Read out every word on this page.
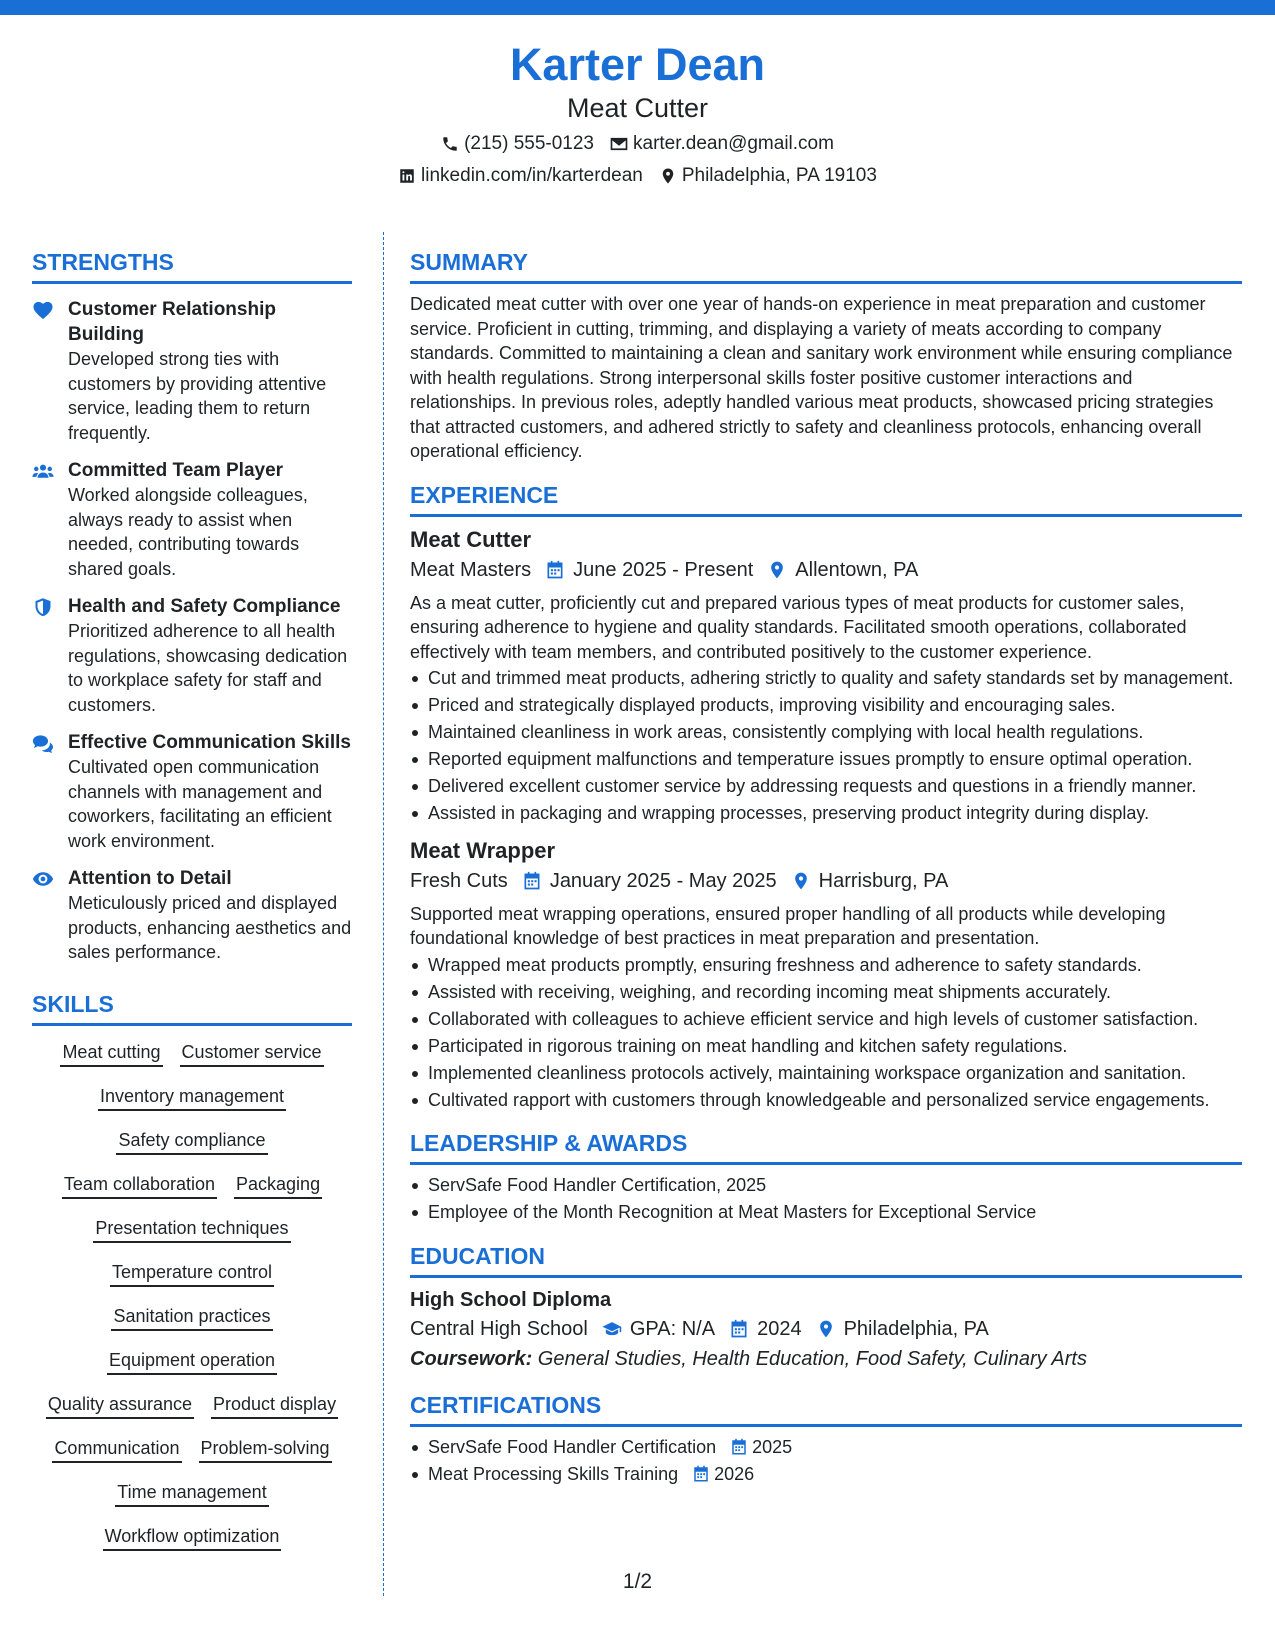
Karter Dean
Meat Cutter
(215) 555-0123 karter.dean@gmail.com
linkedin.com/in/karterdean Philadelphia, PA 19103
STRENGTHS
Customer Relationship Building
Developed strong ties with customers by providing attentive service, leading them to return frequently.
Committed Team Player
Worked alongside colleagues, always ready to assist when needed, contributing towards shared goals.
Health and Safety Compliance
Prioritized adherence to all health regulations, showcasing dedication to workplace safety for staff and customers.
Effective Communication Skills
Cultivated open communication channels with management and coworkers, facilitating an efficient work environment.
Attention to Detail
Meticulously priced and displayed products, enhancing aesthetics and sales performance.
SKILLS
Meat cutting Customer service
Inventory management
Safety compliance
Team collaboration Packaging
Presentation techniques
Temperature control
Sanitation practices
Equipment operation
Quality assurance Product display
Communication Problem-solving
Time management
Workflow optimization
SUMMARY
Dedicated meat cutter with over one year of hands-on experience in meat preparation and customer service. Proficient in cutting, trimming, and displaying a variety of meats according to company standards. Committed to maintaining a clean and sanitary work environment while ensuring compliance with health regulations. Strong interpersonal skills foster positive customer interactions and relationships. In previous roles, adeptly handled various meat products, showcased pricing strategies that attracted customers, and adhered strictly to safety and cleanliness protocols, enhancing overall operational efficiency.
EXPERIENCE
Meat Cutter
Meat Masters June 2025 - Present Allentown, PA
As a meat cutter, proficiently cut and prepared various types of meat products for customer sales, ensuring adherence to hygiene and quality standards. Facilitated smooth operations, collaborated effectively with team members, and contributed positively to the customer experience.
Cut and trimmed meat products, adhering strictly to quality and safety standards set by management.
Priced and strategically displayed products, improving visibility and encouraging sales.
Maintained cleanliness in work areas, consistently complying with local health regulations.
Reported equipment malfunctions and temperature issues promptly to ensure optimal operation.
Delivered excellent customer service by addressing requests and questions in a friendly manner.
Assisted in packaging and wrapping processes, preserving product integrity during display.
Meat Wrapper
Fresh Cuts January 2025 - May 2025 Harrisburg, PA
Supported meat wrapping operations, ensured proper handling of all products while developing foundational knowledge of best practices in meat preparation and presentation.
Wrapped meat products promptly, ensuring freshness and adherence to safety standards.
Assisted with receiving, weighing, and recording incoming meat shipments accurately.
Collaborated with colleagues to achieve efficient service and high levels of customer satisfaction.
Participated in rigorous training on meat handling and kitchen safety regulations.
Implemented cleanliness protocols actively, maintaining workspace organization and sanitation.
Cultivated rapport with customers through knowledgeable and personalized service engagements.
LEADERSHIP & AWARDS
ServSafe Food Handler Certification, 2025
Employee of the Month Recognition at Meat Masters for Exceptional Service
EDUCATION
High School Diploma
Central High School GPA: N/A 2024 Philadelphia, PA
Coursework: General Studies, Health Education, Food Safety, Culinary Arts
CERTIFICATIONS
ServSafe Food Handler Certification 2025
Meat Processing Skills Training 2026
1/2
